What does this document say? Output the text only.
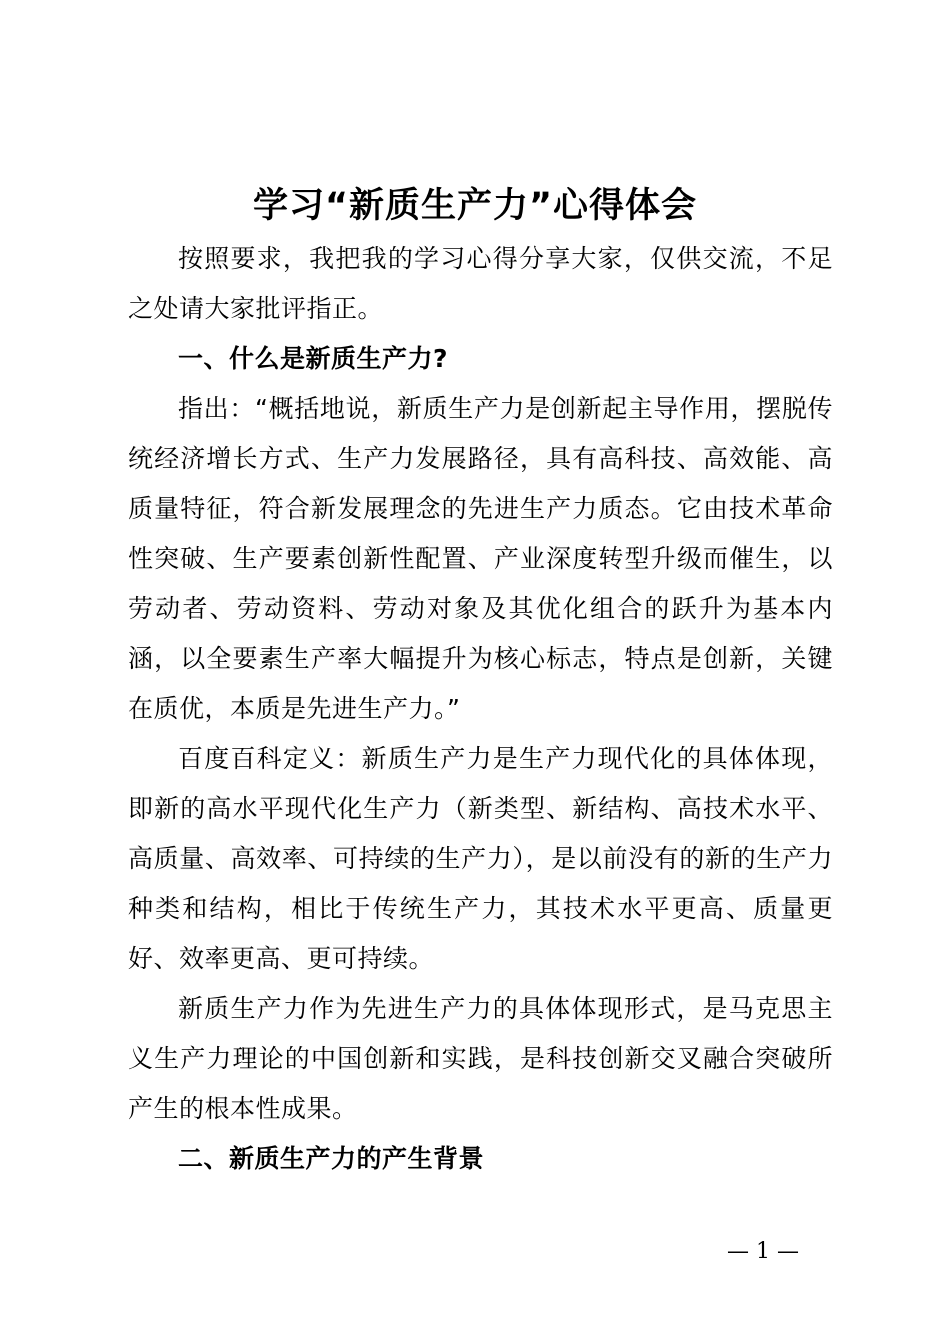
学习“新质生产力”心得体会

按照要求，我把我的学习心得分享大家，仅供交流，不足之处请大家批评指正。

一、什么是新质生产力?

指出：“概括地说，新质生产力是创新起主导作用，摆脱传统经济增长方式、生产力发展路径，具有高科技、高效能、高质量特征，符合新发展理念的先进生产力质态。它由技术革命性突破、生产要素创新性配置、产业深度转型升级而催生，以劳动者、劳动资料、劳动对象及其优化组合的跃升为基本内涵，以全要素生产率大幅提升为核心标志，特点是创新，关键在质优，本质是先进生产力。”

百度百科定义：新质生产力是生产力现代化的具体体现，即新的高水平现代化生产力（新类型、新结构、高技术水平、高质量、高效率、可持续的生产力），是以前没有的新的生产力种类和结构，相比于传统生产力，其技术水平更高、质量更好、效率更高、更可持续。

新质生产力作为先进生产力的具体体现形式，是马克思主义生产力理论的中国创新和实践，是科技创新交叉融合突破所产生的根本性成果。

二、新质生产力的产生背景

— 1 —
